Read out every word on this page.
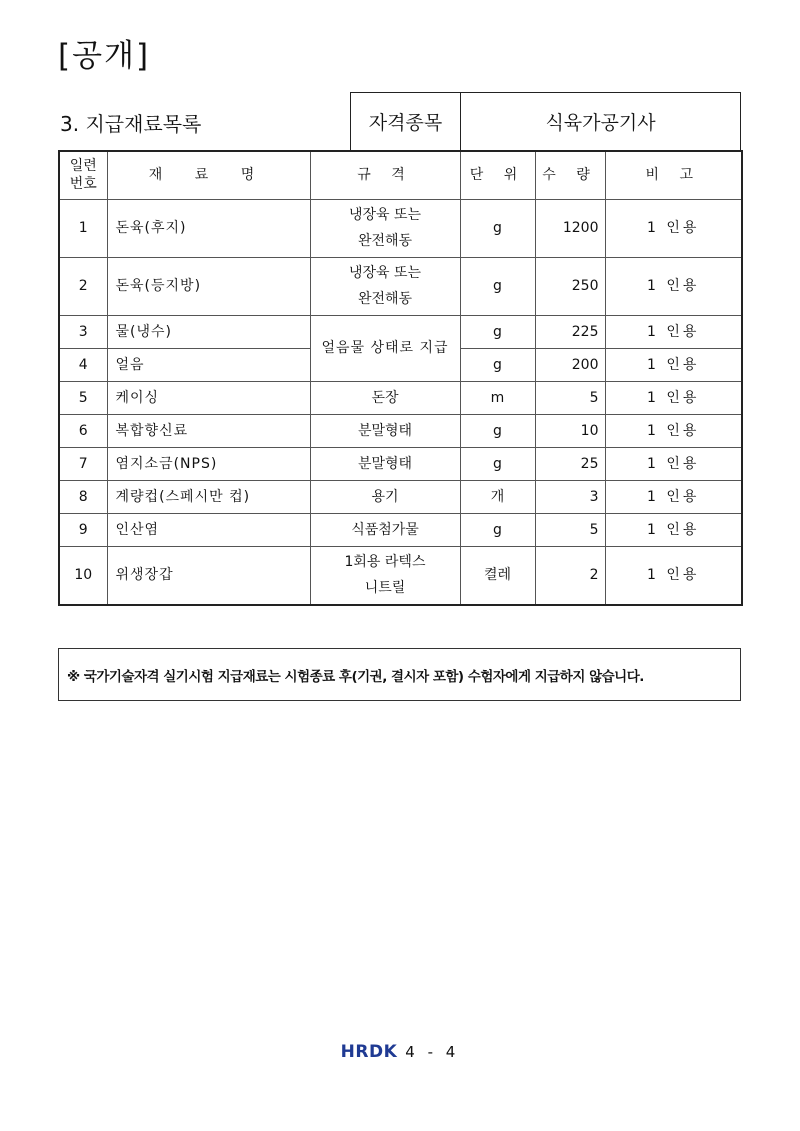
[공개]
3. 지급재료목록	자격종목	식육가공기사
일련
번호	재 료 명	규 격	단 위	수 량	비 고
1	돈육(후지)	냉장육 또는
완전해동	g	1200	1 인용
2	돈육(등지방)	냉장육 또는
완전해동	g	250	1 인용
3	물(냉수)	얼음물 상태로 지급	g	225	1 인용
4	얼음		g	200	1 인용
5	케이싱	돈장	m	5	1 인용
6	복합향신료	분말형태	g	10	1 인용
7	염지소금(NPS)	분말형태	g	25	1 인용
8	계량컵(스페시만 컵)	용기	개	3	1 인용
9	인산염	식품첨가물	g	5	1 인용
10	위생장갑	1회용 라텍스
니트릴	켤레	2	1 인용
※ 국가기술자격 실기시험 지급재료는 시험종료 후(기권, 결시자 포함) 수험자에게 지급하지 않습니다.
HRDK 4 - 4
